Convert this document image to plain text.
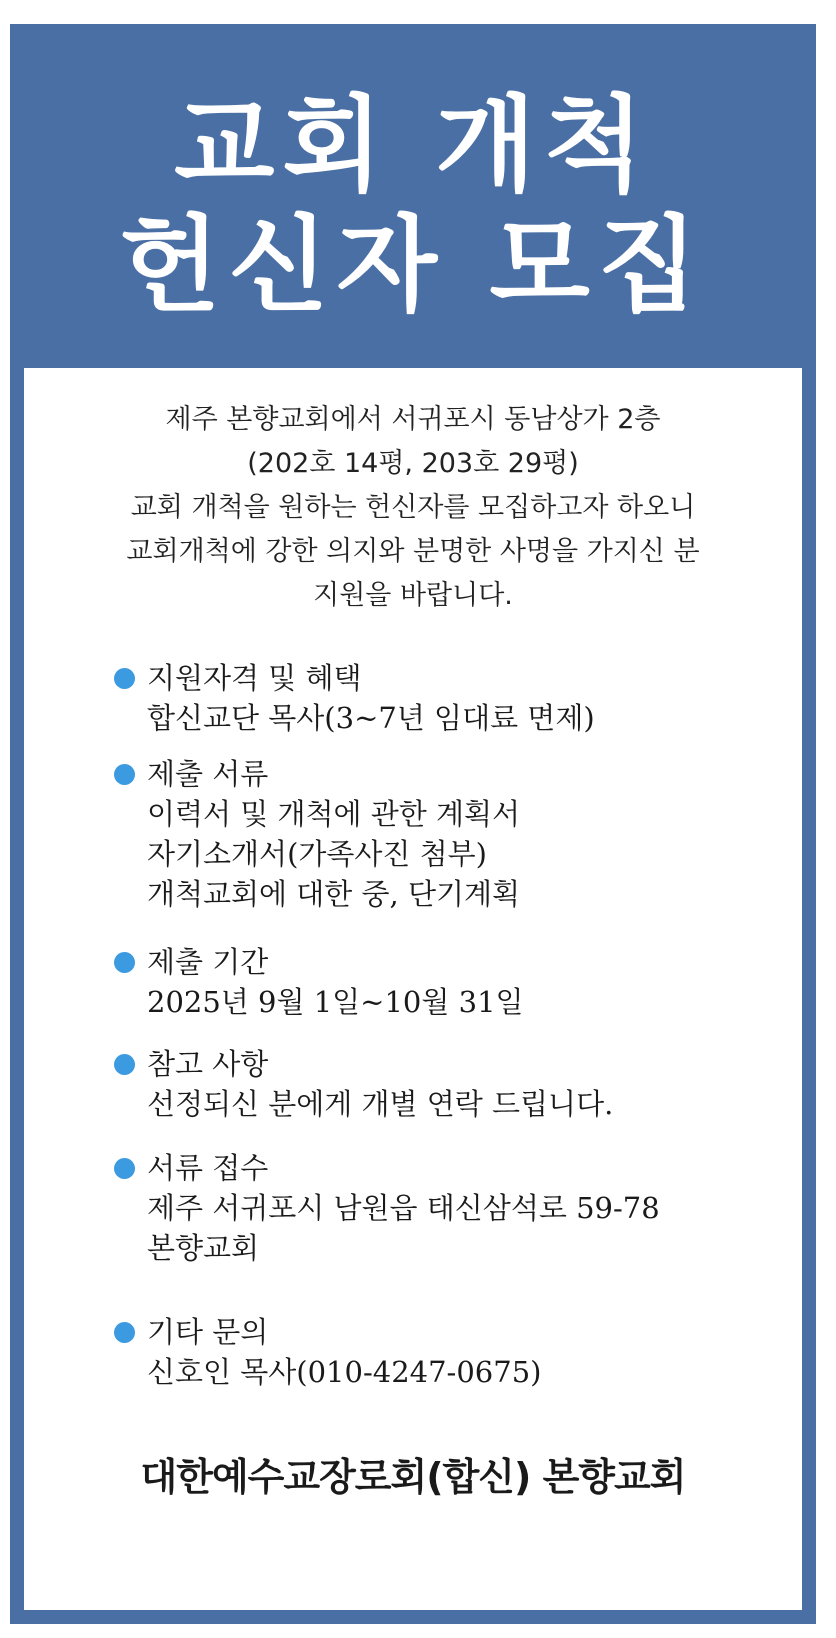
교회 개척
헌신자 모집
제주 본향교회에서 서귀포시 동남상가 2층
(202호 14평, 203호 29평)
교회 개척을 원하는 헌신자를 모집하고자 하오니
교회개척에 강한 의지와 분명한 사명을 가지신 분
지원을 바랍니다.
지원자격 및 혜택
합신교단 목사(3~7년 임대료 면제)
제출 서류
이력서 및 개척에 관한 계획서
자기소개서(가족사진 첨부)
개척교회에 대한 중, 단기계획
제출 기간
2025년 9월 1일~10월 31일
참고 사항
선정되신 분에게 개별 연락 드립니다.
서류 접수
제주 서귀포시 남원읍 태신삼석로 59-78
본향교회
기타 문의
신호인 목사(010-4247-0675)
대한예수교장로회(합신) 본향교회
